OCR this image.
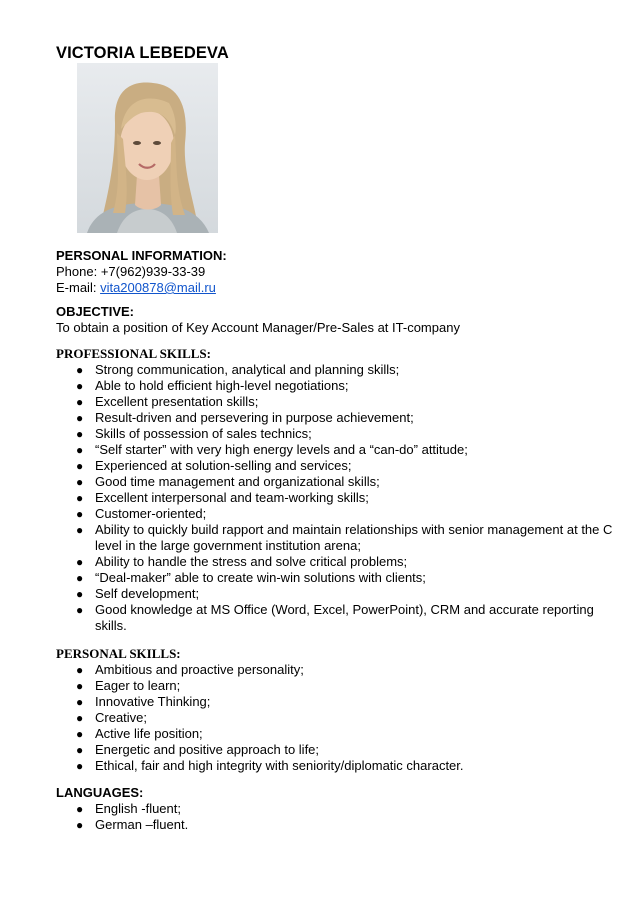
VICTORIA LEBEDEVA
PERSONAL INFORMATION:
Phone: +7(962)939-33-39
E-mail: vita200878@mail.ru
OBJECTIVE:
To obtain a position of Key Account Manager/Pre-Sales at IT-company
PROFESSIONAL SKILLS:
● Strong communication, analytical and planning skills;
● Able to hold efficient high-level negotiations;
● Excellent presentation skills;
● Result-driven and persevering in purpose achievement;
● Skills of possession of sales technics;
● “Self starter” with very high energy levels and a “can-do” attitude;
● Experienced at solution-selling and services;
● Good time management and organizational skills;
● Excellent interpersonal and team-working skills;
● Customer-oriented;
● Ability to quickly build rapport and maintain relationships with senior management at the C level in the large government institution arena;
● Ability to handle the stress and solve critical problems;
● “Deal-maker” able to create win-win solutions with clients;
● Self development;
● Good knowledge at MS Office (Word, Excel, PowerPoint), CRM and accurate reporting skills.
PERSONAL SKILLS:
● Ambitious and proactive personality;
● Eager to learn;
● Innovative Thinking;
● Creative;
● Active life position;
● Energetic and positive approach to life;
● Ethical, fair and high integrity with seniority/diplomatic character.
LANGUAGES:
● English -fluent;
● German –fluent.
